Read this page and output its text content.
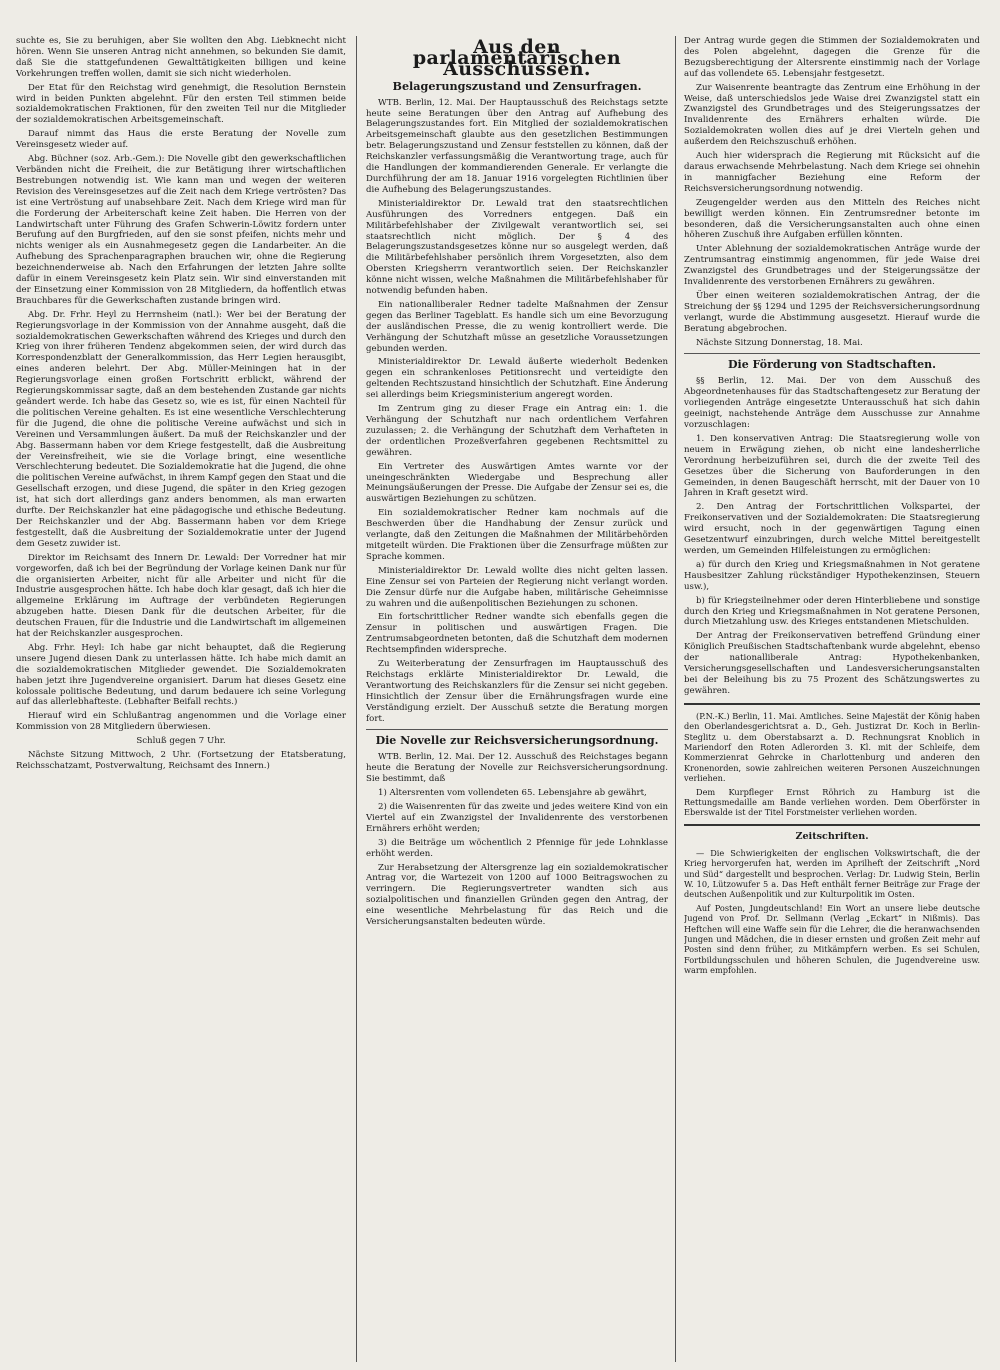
suchte es, Sie zu beruhigen, aber Sie wollten den Abg. Liebknecht nicht hören. Wenn Sie unseren Antrag nicht annehmen, so bekunden Sie damit, daß Sie die stattgefundenen Gewalttätigkeiten billigen und keine Vorkehrungen treffen wollen, damit sie sich nicht wiederholen.

Der Etat für den Reichstag wird genehmigt, die Resolution Bernstein wird in beiden Punkten abgelehnt. Für den ersten Teil stimmen beide sozialdemokratischen Fraktionen, für den zweiten Teil nur die Mitglieder der sozialdemokratischen Arbeitsgemeinschaft.

Darauf nimmt das Haus die erste Beratung der Novelle zum Vereinsgesetz wieder auf.

Abg. Büchner (soz. Arb.-Gem.): Die Novelle gibt den gewerkschaftlichen Verbänden nicht die Freiheit, die zur Betätigung ihrer wirtschaftlichen Bestrebungen notwendig ist. Wie kann man und wegen der weiteren Revision des Vereinsgesetzes auf die Zeit nach dem Kriege vertrösten? Das ist eine Vertröstung auf unabsehbare Zeit. Nach dem Kriege wird man für die Forderung der Arbeiterschaft keine Zeit haben. Die Herren von der Landwirtschaft unter Führung des Grafen Schwerin-Löwitz fordern unter Berufung auf den Burgfrieden, auf den sie sonst pfeifen, nichts mehr und nichts weniger als ein Ausnahmegesetz gegen die Landarbeiter. An die Aufhebung des Sprachenparagraphen brauchen wir, ohne die Regierung bezeichnenderweise ab. Nach den Erfahrungen der letzten Jahre sollte dafür in einem Vereinsgesetz kein Platz sein. Wir sind einverstanden mit der Einsetzung einer Kommission von 28 Mitgliedern, da hoffentlich etwas Brauchbares für die Gewerkschaften zustande bringen wird.

Abg. Dr. Frhr. Heyl zu Herrnsheim (natl.): Wer bei der Beratung der Regierungsvorlage in der Kommission von der Annahme ausgeht, daß die sozialdemokratischen Gewerkschaften während des Krieges und durch den Krieg von ihrer früheren Tendenz abgekommen seien, der wird durch das Korrespondenzblatt der Generalkommission, das Herr Legien herausgibt, eines anderen belehrt. Der Abg. Müller-Meiningen hat in der Regierungsvorlage einen großen Fortschritt erblickt, während der Regierungskommissar sagte, daß an dem bestehenden Zustande gar nichts geändert werde. Ich habe das Gesetz so, wie es ist, für einen Nachteil für die politischen Vereine gehalten. Es ist eine wesentliche Verschlechterung für die Jugend, die ohne die politische Vereine aufwächst und sich in Vereinen und Versammlungen äußert. Da muß der Reichskanzler und der Abg. Bassermann haben vor dem Kriege festgestellt, daß die Ausbreitung der Vereinsfreiheit, wie sie die Vorlage bringt, eine wesentliche Verschlechterung bedeutet. Die Sozialdemokratie hat die Jugend, die ohne die politischen Vereine aufwächst, in ihrem Kampf gegen den Staat und die Gesellschaft erzogen, und diese Jugend, die später in den Krieg gezogen ist, hat sich dort allerdings ganz anders benommen, als man erwarten durfte. Der Reichskanzler hat eine pädagogische und ethische Bedeutung. Der Reichskanzler und der Abg. Bassermann haben vor dem Kriege festgestellt, daß die Ausbreitung der Sozialdemokratie unter der Jugend dem Gesetz zuwider ist.

Direktor im Reichsamt des Innern Dr. Lewald: Der Vorredner hat mir vorgeworfen, daß ich bei der Begründung der Vorlage keinen Dank nur für die organisierten Arbeiter, nicht für alle Arbeiter und nicht für die Industrie ausgesprochen hätte. Ich habe doch klar gesagt, daß ich hier die allgemeine Erklärung im Auftrage der verbündeten Regierungen abzugeben hatte. Diesen Dank für die deutschen Arbeiter, für die deutschen Frauen, für die Industrie und die Landwirtschaft im allgemeinen hat der Reichskanzler ausgesprochen.

Abg. Frhr. Heyl: Ich habe gar nicht behauptet, daß die Regierung unsere Jugend diesen Dank zu unterlassen hätte. Ich habe mich damit an die sozialdemokratischen Mitglieder gewendet. Die Sozialdemokraten haben jetzt ihre Jugendvereine organisiert. Darum hat dieses Gesetz eine kolossale politische Bedeutung, und darum bedauere ich seine Vorlegung auf das allerlebhafteste. (Lebhafter Beifall rechts.)

Hierauf wird ein Schlußantrag angenommen und die Vorlage einer Kommission von 28 Mitgliedern überwiesen.

Schluß gegen 7 Uhr.

Nächste Sitzung Mittwoch, 2 Uhr. (Fortsetzung der Etatsberatung, Reichsschatzamt, Postverwaltung, Reichsamt des Innern.)

Aus den parlamentarischen Ausschüssen.
Belagerungszustand und Zensurfragen.

WTB. Berlin, 12. Mai. Der Hauptausschuß des Reichstags setzte heute seine Beratungen über den Antrag auf Aufhebung des Belagerungszustandes fort. Ein Mitglied der sozialdemokratischen Arbeitsgemeinschaft glaubte aus den gesetzlichen Bestimmungen betr. Belagerungszustand und Zensur feststellen zu können, daß der Reichskanzler verfassungsmäßig die Verantwortung trage, auch für die Handlungen der kommandierenden Generale. Er verlangte die Durchführung der am 18. Januar 1916 vorgelegten Richtlinien über die Aufhebung des Belagerungszustandes.

Ministerialdirektor Dr. Lewald trat den staatsrechtlichen Ausführungen des Vorredners entgegen. Daß ein Militärbefehlshaber der Zivilgewalt verantwortlich sei, sei staatsrechtlich nicht möglich. Der § 4 des Belagerungszustandsgesetzes könne nur so ausgelegt werden, daß die Militärbefehlshaber persönlich ihrem Vorgesetzten, also dem Obersten Kriegsherrn verantwortlich seien. Der Reichskanzler könne nicht wissen, welche Maßnahmen die Militärbefehlshaber für notwendig befunden haben.

Ein nationalliberaler Redner tadelte Maßnahmen der Zensur gegen das Berliner Tageblatt. Es handle sich um eine Bevorzugung der ausländischen Presse, die zu wenig kontrolliert werde. Die Verhängung der Schutzhaft müsse an gesetzliche Voraussetzungen gebunden werden.

Ministerialdirektor Dr. Lewald äußerte wiederholt Bedenken gegen ein schrankenloses Petitionsrecht und verteidigte den geltenden Rechtszustand hinsichtlich der Schutzhaft. Eine Änderung sei allerdings beim Kriegsministerium angeregt worden.

Im Zentrum ging zu dieser Frage ein Antrag ein: 1. die Verhängung der Schutzhaft nur nach ordentlichem Verfahren zuzulassen; 2. die Verhängung der Schutzhaft dem Verhafteten in der ordentlichen Prozeßverfahren gegebenen Rechtsmittel zu gewähren.

Ein Vertreter des Auswärtigen Amtes warnte vor der uneingeschränkten Wiedergabe und Besprechung aller Meinungsäußerungen der Presse. Die Aufgabe der Zensur sei es, die auswärtigen Beziehungen zu schützen.

Ein sozialdemokratischer Redner kam nochmals auf die Beschwerden über die Handhabung der Zensur zurück und verlangte, daß den Zeitungen die Maßnahmen der Militärbehörden mitgeteilt würden. Die Fraktionen über die Zensurfrage müßten zur Sprache kommen.

Ministerialdirektor Dr. Lewald wollte dies nicht gelten lassen. Eine Zensur sei von Parteien der Regierung nicht verlangt worden. Die Zensur dürfe nur die Aufgabe haben, militärische Geheimnisse zu wahren und die außenpolitischen Beziehungen zu schonen.

Ein fortschrittlicher Redner wandte sich ebenfalls gegen die Zensur in politischen und auswärtigen Fragen. Die Zentrumsabgeordneten betonten, daß die Schutzhaft dem modernen Rechtsempfinden widerspreche.

Zu Weiterberatung der Zensurfragen im Hauptausschuß des Reichstags erklärte Ministerialdirektor Dr. Lewald, die Verantwortung des Reichskanzlers für die Zensur sei nicht gegeben. Hinsichtlich der Zensur über die Ernährungsfragen wurde eine Verständigung erzielt. Der Ausschuß setzte die Beratung morgen fort.

Die Novelle zur Reichsversicherungsordnung.

WTB. Berlin, 12. Mai. Der 12. Ausschuß des Reichstages begann heute die Beratung der Novelle zur Reichsversicherungsordnung. Sie bestimmt, daß

1) Altersrenten vom vollendeten 65. Lebensjahre ab gewährt,

2) die Waisenrenten für das zweite und jedes weitere Kind von ein Viertel auf ein Zwanzigstel der Invalidenrente des verstorbenen Ernährers erhöht werden;

3) die Beiträge um wöchentlich 2 Pfennige für jede Lohnklasse erhöht werden.

Zur Herabsetzung der Altersgrenze lag ein sozialdemokratischer Antrag vor, die Wartezeit von 1200 auf 1000 Beitragswochen zu verringern. Die Regierungsvertreter wandten sich aus sozialpolitischen und finanziellen Gründen gegen den Antrag, der eine wesentliche Mehrbelastung für das Reich und die Versicherungsanstalten bedeuten würde.

Der Antrag wurde gegen die Stimmen der Sozialdemokraten und des Polen abgelehnt, dagegen die Grenze für die Bezugsberechtigung der Altersrente einstimmig nach der Vorlage auf das vollendete 65. Lebensjahr festgesetzt.

Zur Waisenrente beantragte das Zentrum eine Erhöhung in der Weise, daß unterschiedslos jede Waise drei Zwanzigstel statt ein Zwanzigstel des Grundbetrages und des Steigerungssatzes der Invalidenrente des Ernährers erhalten würde. Die Sozialdemokraten wollen dies auf je drei Vierteln gehen und außerdem den Reichszuschuß erhöhen.

Auch hier widersprach die Regierung mit Rücksicht auf die daraus erwachsende Mehrbelastung. Nach dem Kriege sei ohnehin in mannigfacher Beziehung eine Reform der Reichsversicherungsordnung notwendig.

Zeugengelder werden aus den Mitteln des Reiches nicht bewilligt werden können. Ein Zentrumsredner betonte im besonderen, daß die Versicherungsanstalten auch ohne einen höheren Zuschuß ihre Aufgaben erfüllen könnten.

Unter Ablehnung der sozialdemokratischen Anträge wurde der Zentrumsantrag einstimmig angenommen, für jede Waise drei Zwanzigstel des Grundbetrages und der Steigerungssätze der Invalidenrente des verstorbenen Ernährers zu gewähren.

Über einen weiteren sozialdemokratischen Antrag, der die Streichung der §§ 1294 und 1295 der Reichsversicherungsordnung verlangt, wurde die Abstimmung ausgesetzt. Hierauf wurde die Beratung abgebrochen.

Nächste Sitzung Donnerstag, 18. Mai.

Die Förderung von Stadtschaften.

§§ Berlin, 12. Mai. Der von dem Ausschuß des Abgeordnetenhauses für das Stadtschaftengesetz zur Beratung der vorliegenden Anträge eingesetzte Unterausschuß hat sich dahin geeinigt, nachstehende Anträge dem Ausschusse zur Annahme vorzuschlagen:

1. Den konservativen Antrag: Die Staatsregierung wolle von neuem in Erwägung ziehen, ob nicht eine landesherrliche Verordnung herbeizuführen sei, durch die der zweite Teil des Gesetzes über die Sicherung von Bauforderungen in den Gemeinden, in denen Baugeschäft herrscht, mit der Dauer von 10 Jahren in Kraft gesetzt wird.

2. Den Antrag der Fortschrittlichen Volkspartei, der Freikonservativen und der Sozialdemokraten: Die Staatsregierung wird ersucht, noch in der gegenwärtigen Tagung einen Gesetzentwurf einzubringen, durch welche Mittel bereitgestellt werden, um Gemeinden Hilfeleistungen zu ermöglichen:

a) für durch den Krieg und Kriegsmaßnahmen in Not geratene Hausbesitzer Zahlung rückständiger Hypothekenzinsen, Steuern usw.),

b) für Kriegsteilnehmer oder deren Hinterbliebene und sonstige durch den Krieg und Kriegsmaßnahmen in Not geratene Personen, durch Mietzahlung usw. des Krieges entstandenen Mietschulden.

Der Antrag der Freikonservativen betreffend Gründung einer Königlich Preußischen Stadtschaftenbank wurde abgelehnt, ebenso der nationalliberale Antrag: Hypothekenbanken, Versicherungsgesellschaften und Landesversicherungsanstalten bei der Beleihung bis zu 75 Prozent des Schätzungswertes zu gewähren.

(P.N.-K.) Berlin, 11. Mai. Amtliches. Seine Majestät der König haben den Oberlandesgerichtsrat a. D., Geh. Justizrat Dr. Koch in Berlin-Steglitz u. dem Oberstabsarzt a. D. Rechnungsrat Knoblich in Mariendorf den Roten Adlerorden 3. Kl. mit der Schleife, dem Kommerzienrat Gehrcke in Charlottenburg und anderen den Kronenorden, sowie zahlreichen weiteren Personen Auszeichnungen verliehen.

Dem Kurpfleger Ernst Röhrich zu Hamburg ist die Rettungsmedaille am Bande verliehen worden. Dem Oberförster in Eberswalde ist der Titel Forstmeister verliehen worden.

Zeitschriften.

— Die Schwierigkeiten der englischen Volkswirtschaft, die der Krieg hervorgerufen hat, werden im Aprilheft der Zeitschrift „Nord und Süd“ dargestellt und besprochen. Verlag: Dr. Ludwig Stein, Berlin W. 10, Lützowufer 5 a. Das Heft enthält ferner Beiträge zur Frage der deutschen Außenpolitik und zur Kulturpolitik im Osten.

Auf Posten, Jungdeutschland! Ein Wort an unsere liebe deutsche Jugend von Prof. Dr. Sellmann (Verlag „Eckart“ in Nißmis). Das Heftchen will eine Waffe sein für die Lehrer, die die heranwachsenden Jungen und Mädchen, die in dieser ernsten und großen Zeit mehr auf Posten sind denn früher, zu Mitkämpfern werben. Es sei Schulen, Fortbildungsschulen und höheren Schulen, die Jugendvereine usw. warm empfohlen.
